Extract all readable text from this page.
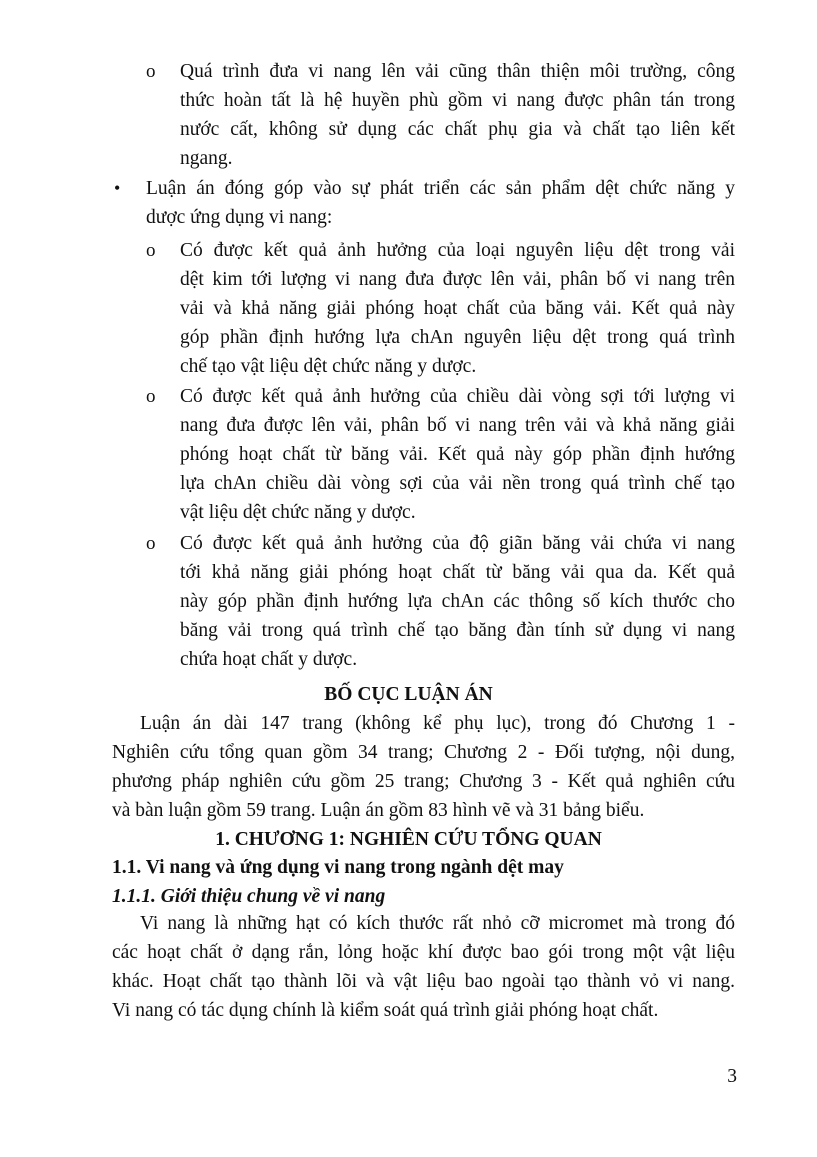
o Quá trình đưa vi nang lên vải cũng thân thiện môi trường, công
thức hoàn tất là hệ huyền phù gồm vi nang được phân tán trong
nước cất, không sử dụng các chất phụ gia và chất tạo liên kết
ngang.
• Luận án đóng góp vào sự phát triển các sản phẩm dệt chức năng y
dược ứng dụng vi nang:
o Có được kết quả ảnh hưởng của loại nguyên liệu dệt trong vải
dệt kim tới lượng vi nang đưa được lên vải, phân bố vi nang trên
vải và khả năng giải phóng hoạt chất của băng vải. Kết quả này
góp phần định hướng lựa chAn nguyên liệu dệt trong quá trình
chế tạo vật liệu dệt chức năng y dược.
o Có được kết quả ảnh hưởng của chiều dài vòng sợi tới lượng vi
nang đưa được lên vải, phân bố vi nang trên vải và khả năng giải
phóng hoạt chất từ băng vải. Kết quả này góp phần định hướng
lựa chAn chiều dài vòng sợi của vải nền trong quá trình chế tạo
vật liệu dệt chức năng y dược.
o Có được kết quả ảnh hưởng của độ giãn băng vải chứa vi nang
tới khả năng giải phóng hoạt chất từ băng vải qua da. Kết quả
này góp phần định hướng lựa chAn các thông số kích thước cho
băng vải trong quá trình chế tạo băng đàn tính sử dụng vi nang
chứa hoạt chất y dược.
BỐ CỤC LUẬN ÁN
Luận án dài 147 trang (không kể phụ lục), trong đó Chương 1 -
Nghiên cứu tổng quan gồm 34 trang; Chương 2 - Đối tượng, nội dung,
phương pháp nghiên cứu gồm 25 trang; Chương 3 - Kết quả nghiên cứu
và bàn luận gồm 59 trang. Luận án gồm 83 hình vẽ và 31 bảng biểu.
1. CHƯƠNG 1: NGHIÊN CỨU TỔNG QUAN
1.1. Vi nang và ứng dụng vi nang trong ngành dệt may
1.1.1. Giới thiệu chung về vi nang
Vi nang là những hạt có kích thước rất nhỏ cỡ micromet mà trong đó
các hoạt chất ở dạng rắn, lỏng hoặc khí được bao gói trong một vật liệu
khác. Hoạt chất tạo thành lõi và vật liệu bao ngoài tạo thành vỏ vi nang.
Vi nang có tác dụng chính là kiểm soát quá trình giải phóng hoạt chất.
3
